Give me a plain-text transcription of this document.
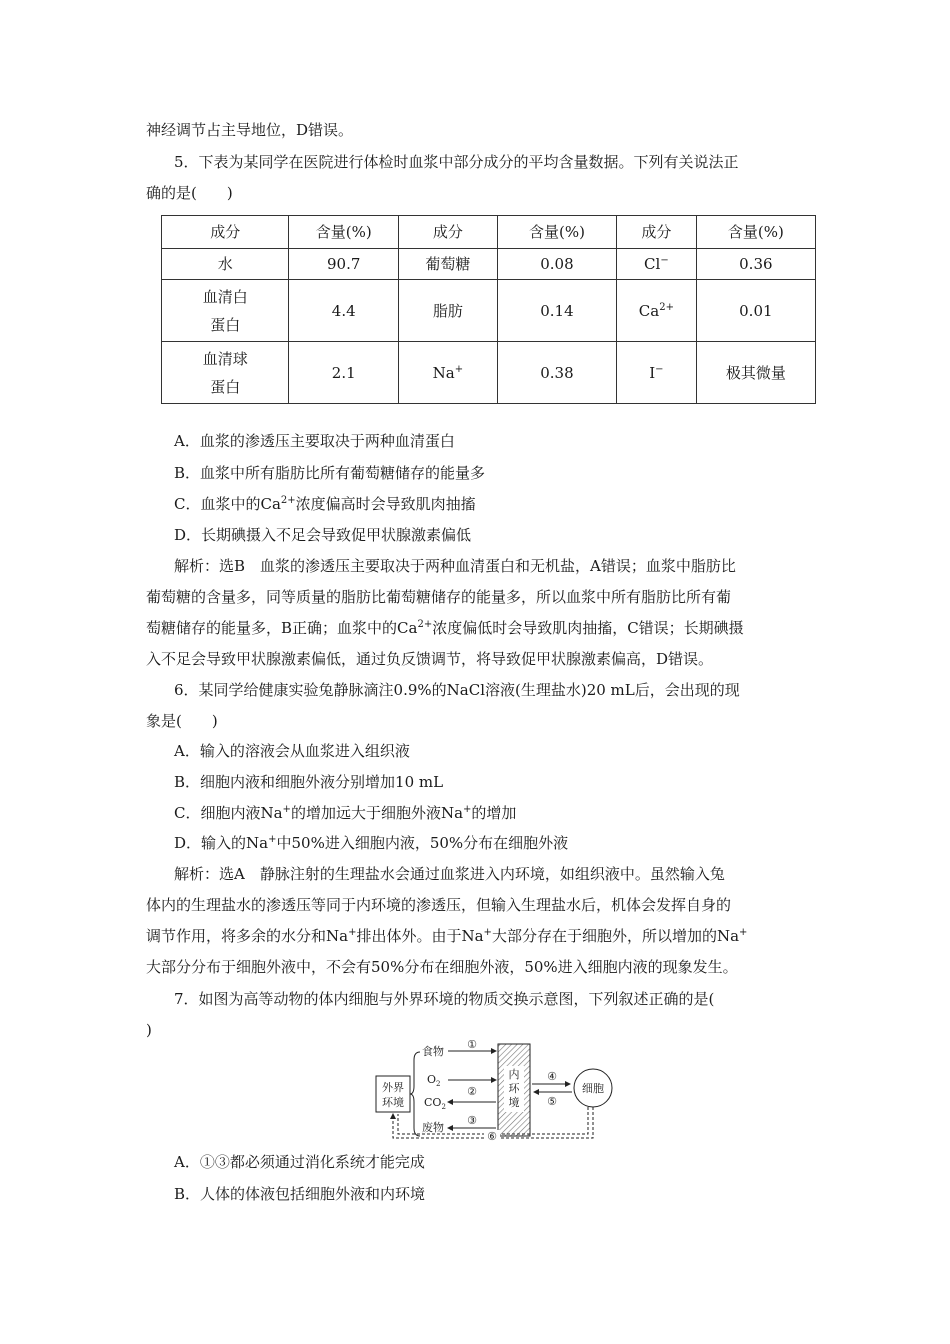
神经调节占主导地位，D错误。
5．下表为某同学在医院进行体检时血浆中部分成分的平均含量数据。下列有关说法正
确的是(　　)
成分	含量(%)	成分	含量(%)	成分	含量(%)
水	90.7	葡萄糖	0.08	Cl−	0.36

血清白
蛋白	4.4	脂肪	0.14	$Ca^{2+}$	0.01

血清球
蛋白	2.1	Na+	0.38	I−	极其微量
A．血浆的渗透压主要取决于两种血清蛋白
B．血浆中所有脂肪比所有葡萄糖储存的能量多
C．血浆中的$Ca^{2+}$浓度偏高时会导致肌肉抽搐
D．长期碘摄入不足会导致促甲状腺激素偏低
解析：选B　血浆的渗透压主要取决于两种血清蛋白和无机盐，A错误；血浆中脂肪比
葡萄糖的含量多，同等质量的脂肪比葡萄糖储存的能量多，所以血浆中所有脂肪比所有葡
萄糖储存的能量多，B正确；血浆中的$Ca^{2+}$浓度偏低时会导致肌肉抽搐，C错误；长期碘摄
入不足会导致甲状腺激素偏低，通过负反馈调节，将导致促甲状腺激素偏高，D错误。
6．某同学给健康实验兔静脉滴注0.9%的NaCl溶液(生理盐水)20 mL后，会出现的现
象是(　　)
A．输入的溶液会从血浆进入组织液
B．细胞内液和细胞外液分别增加10 mL
C．细胞内液Na+的增加远大于细胞外液Na+的增加
D．输入的Na+中50%进入细胞内液，50%分布在细胞外液
解析：选A　静脉注射的生理盐水会通过血浆进入内环境，如组织液中。虽然输入兔
体内的生理盐水的渗透压等同于内环境的渗透压，但输入生理盐水后，机体会发挥自身的
调节作用，将多余的水分和Na+排出体外。由于Na+大部分存在于细胞外，所以增加的Na+
大部分分布于细胞外液中，不会有50%分布在细胞外液，50%进入细胞内液的现象发生。
7．如图为高等动物的体内细胞与外界环境的物质交换示意图，下列叙述正确的是(
)
外界
环境
食物
$O_2$
$CO_2$
废物
①
②
③
内
环
境
④
⑤
细胞
⑥
A．①③都必须通过消化系统才能完成
B．人体的体液包括细胞外液和内环境
